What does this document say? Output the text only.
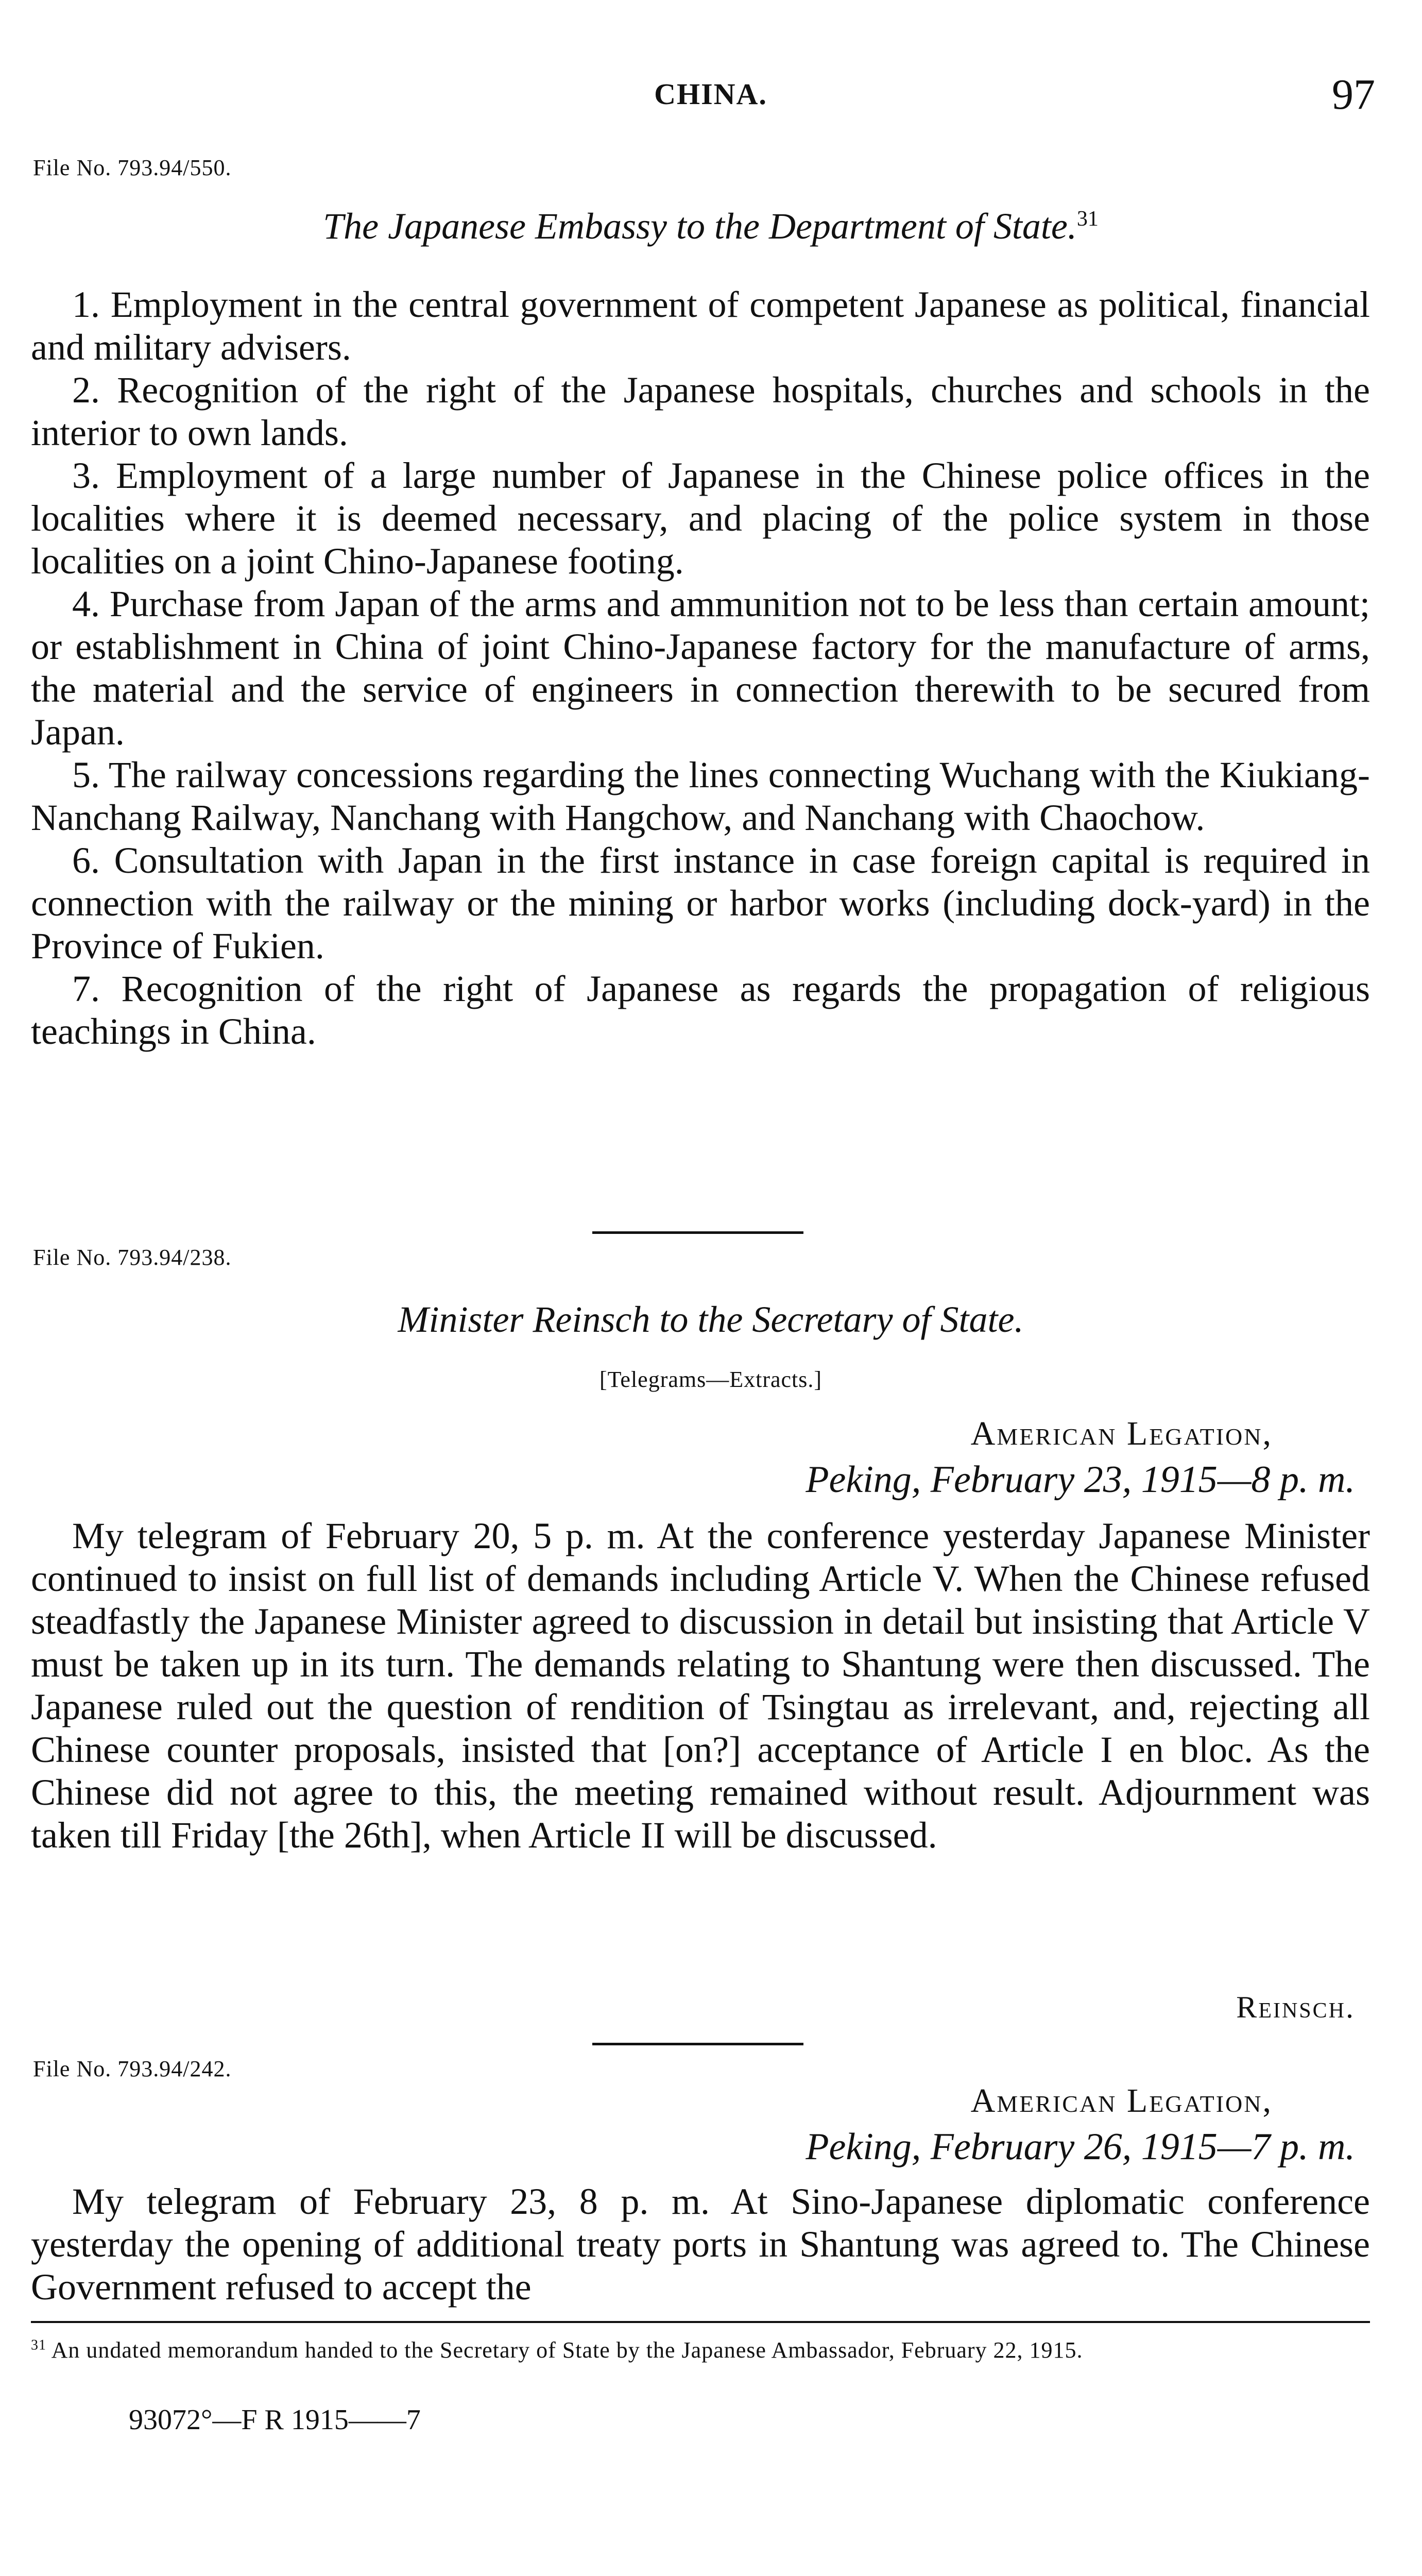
CHINA.	97
File No. 793.94/550.
The Japanese Embassy to the Department of State.$^{31}$

1. Employment in the central government of competent Japanese as political, financial and military advisers.

2. Recognition of the right of the Japanese hospitals, churches and schools in the interior to own lands.

3. Employment of a large number of Japanese in the Chinese police offices in the localities where it is deemed necessary, and placing of the police system in those localities on a joint Chino-Japanese footing.

4. Purchase from Japan of the arms and ammunition not to be less than certain amount; or establishment in China of joint Chino-Japanese factory for the manufacture of arms, the material and the service of engineers in connection therewith to be secured from Japan.

5. The railway concessions regarding the lines connecting Wuchang with the Kiukiang-Nanchang Railway, Nanchang with Hangchow, and Nanchang with Chaochow.

6. Consultation with Japan in the first instance in case foreign capital is required in connection with the railway or the mining or harbor works (including dock-yard) in the Province of Fukien.

7. Recognition of the right of Japanese as regards the propagation of religious teachings in China.

File No. 793.94/238.
Minister Reinsch to the Secretary of State.
[Telegrams—Extracts.]
American Legation,
Peking, February 23, 1915—8 p. m.

My telegram of February 20, 5 p. m. At the conference yesterday Japanese Minister continued to insist on full list of demands including Article V. When the Chinese refused steadfastly the Japanese Minister agreed to discussion in detail but insisting that Article V must be taken up in its turn. The demands relating to Shantung were then discussed. The Japanese ruled out the question of rendition of Tsingtau as irrelevant, and, rejecting all Chinese counter proposals, insisted that [on?] acceptance of Article I en bloc. As the Chinese did not agree to this, the meeting remained without result. Adjournment was taken till Friday [the 26th], when Article II will be discussed.

Reinsch.
File No. 793.94/242.
American Legation,
Peking, February 26, 1915—7 p. m.

My telegram of February 23, 8 p. m. At Sino-Japanese diplomatic conference yesterday the opening of additional treaty ports in Shantung was agreed to. The Chinese Government refused to accept the

$^{31}$ An undated memorandum handed to the Secretary of State by the Japanese Ambassador, February 22, 1915.
93072°—F R 1915——7
